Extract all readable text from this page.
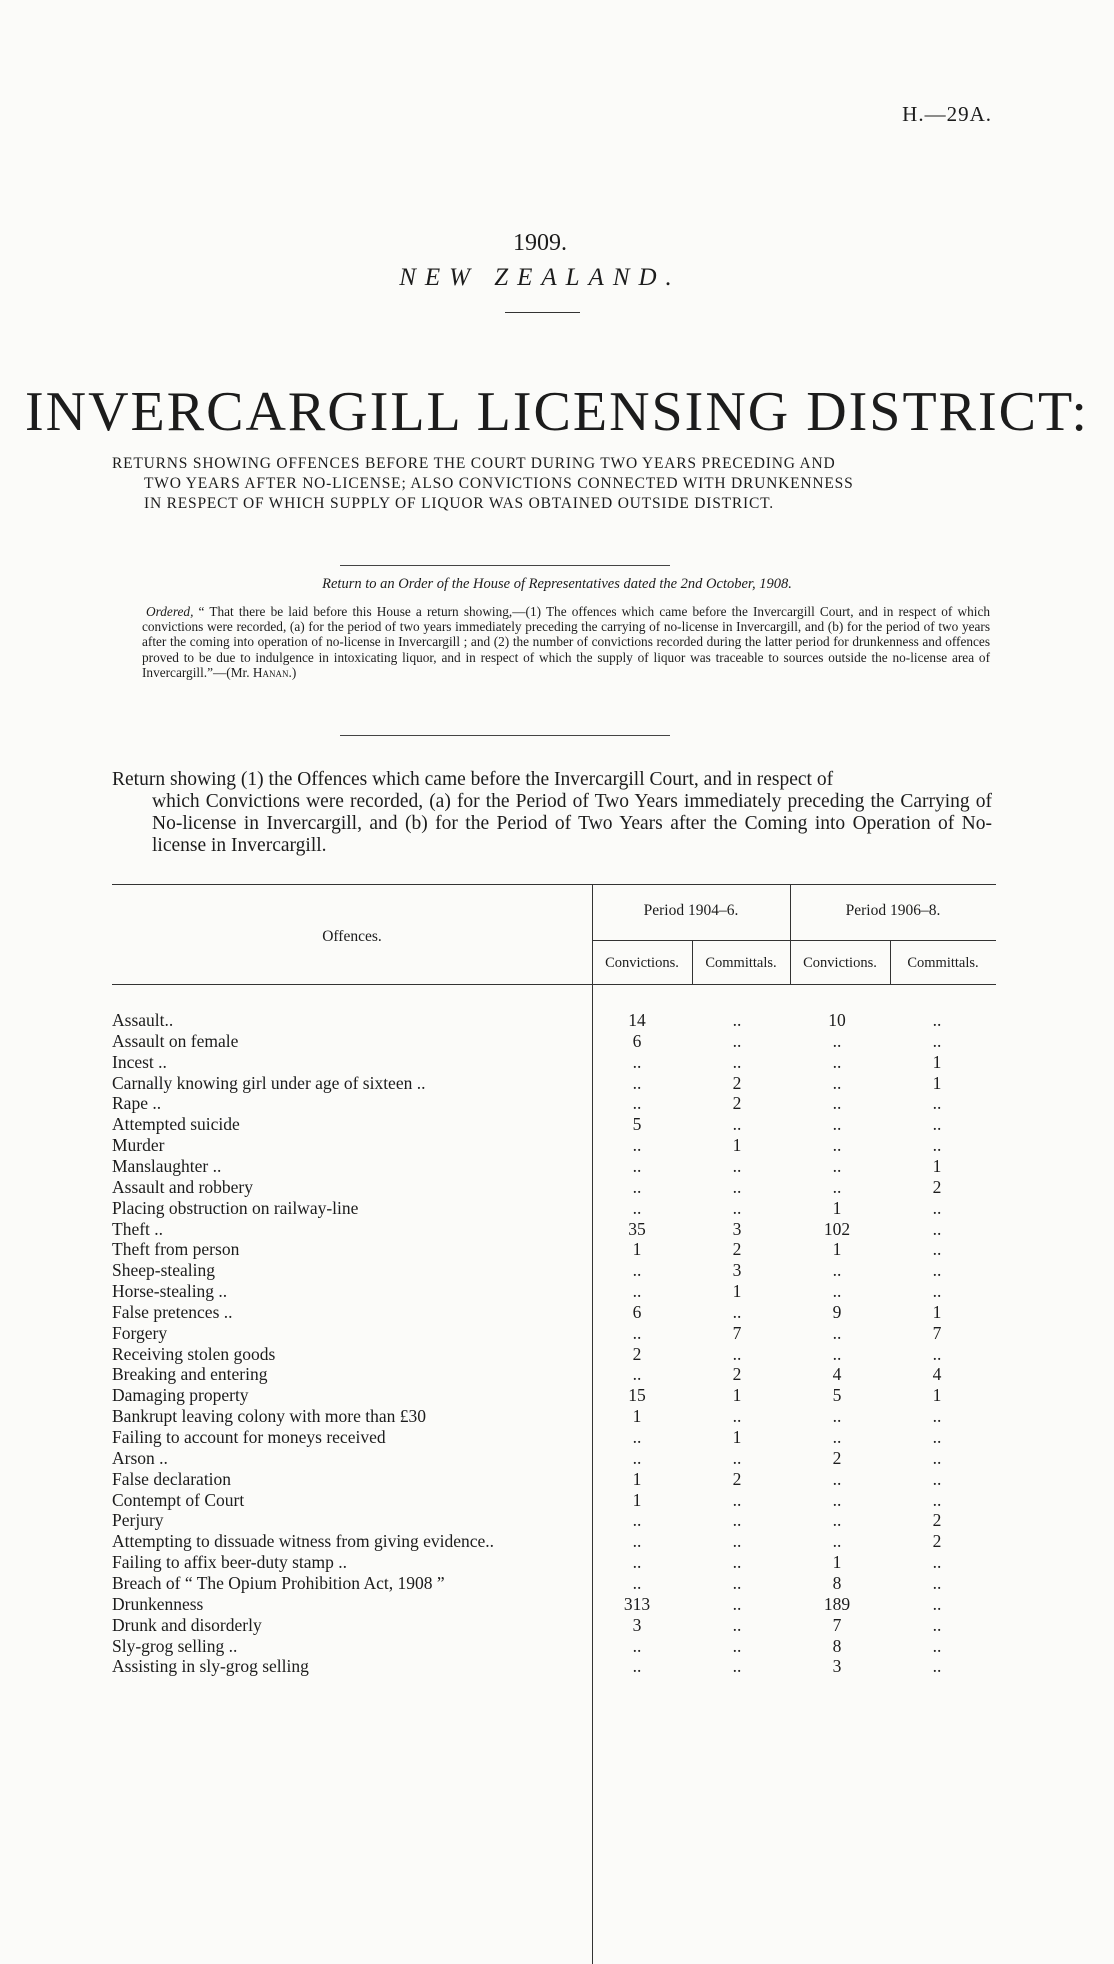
H.—29A.
1909.
NEW ZEALAND.
INVERCARGILL LICENSING DISTRICT:
RETURNS SHOWING OFFENCES BEFORE THE COURT DURING TWO YEARS PRECEDING AND
TWO YEARS AFTER NO-LICENSE; ALSO CONVICTIONS CONNECTED WITH DRUNKENNESS
IN RESPECT OF WHICH SUPPLY OF LIQUOR WAS OBTAINED OUTSIDE DISTRICT.
Return to an Order of the House of Representatives dated the 2nd October, 1908.
Ordered, “ That there be laid before this House a return showing,—(1) The offences which came before the Invercargill Court, and in respect of which convictions were recorded, (a) for the period of two years immediately preceding the carrying of no-license in Invercargill, and (b) for the period of two years after the coming into operation of no-license in Invercargill ; and (2) the number of convictions recorded during the latter period for drunkenness and offences proved to be due to indulgence in intoxicating liquor, and in respect of which the supply of liquor was traceable to sources outside the no-license area of Invercargill.”—(Mr. Hanan.)
Return showing (1) the Offences which came before the Invercargill Court, and in respect of
which Convictions were recorded, (a) for the Period of Two Years immediately preceding the Carrying of No-license in Invercargill, and (b) for the Period of Two Years after the Coming into Operation of No-license in Invercargill.
Offences.
Period 1904–6.	Period 1906–8.
Convictions.	Committals.	Convictions.	Committals.
Assault..	14	..	10	..
Assault on female	6	..	..	..
Incest ..	..	..	..	1
Carnally knowing girl under age of sixteen ..	..	2	..	1
Rape ..	..	2	..	..
Attempted suicide	5	..	..	..
Murder	..	1	..	..
Manslaughter ..	..	..	..	1
Assault and robbery	..	..	..	2
Placing obstruction on railway-line	..	..	1	..
Theft ..	35	3	102	..
Theft from person	1	2	1	..
Sheep-stealing	..	3	..	..
Horse-stealing ..	..	1	..	..
False pretences ..	6	..	9	1
Forgery	..	7	..	7
Receiving stolen goods	2	..	..	..
Breaking and entering	..	2	4	4
Damaging property	15	1	5	1
Bankrupt leaving colony with more than £30	1	..	..	..
Failing to account for moneys received	..	1	..	..
Arson ..	..	..	2	..
False declaration	1	2	..	..
Contempt of Court	1	..	..	..
Perjury	..	..	..	2
Attempting to dissuade witness from giving evidence..	..	..	..	2
Failing to affix beer-duty stamp ..	..	..	1	..
Breach of “ The Opium Prohibition Act, 1908 ”	..	..	8	..
Drunkenness	313	..	189	..
Drunk and disorderly	3	..	7	..
Sly-grog selling ..	..	..	8	..
Assisting in sly-grog selling	..	..	3	..
